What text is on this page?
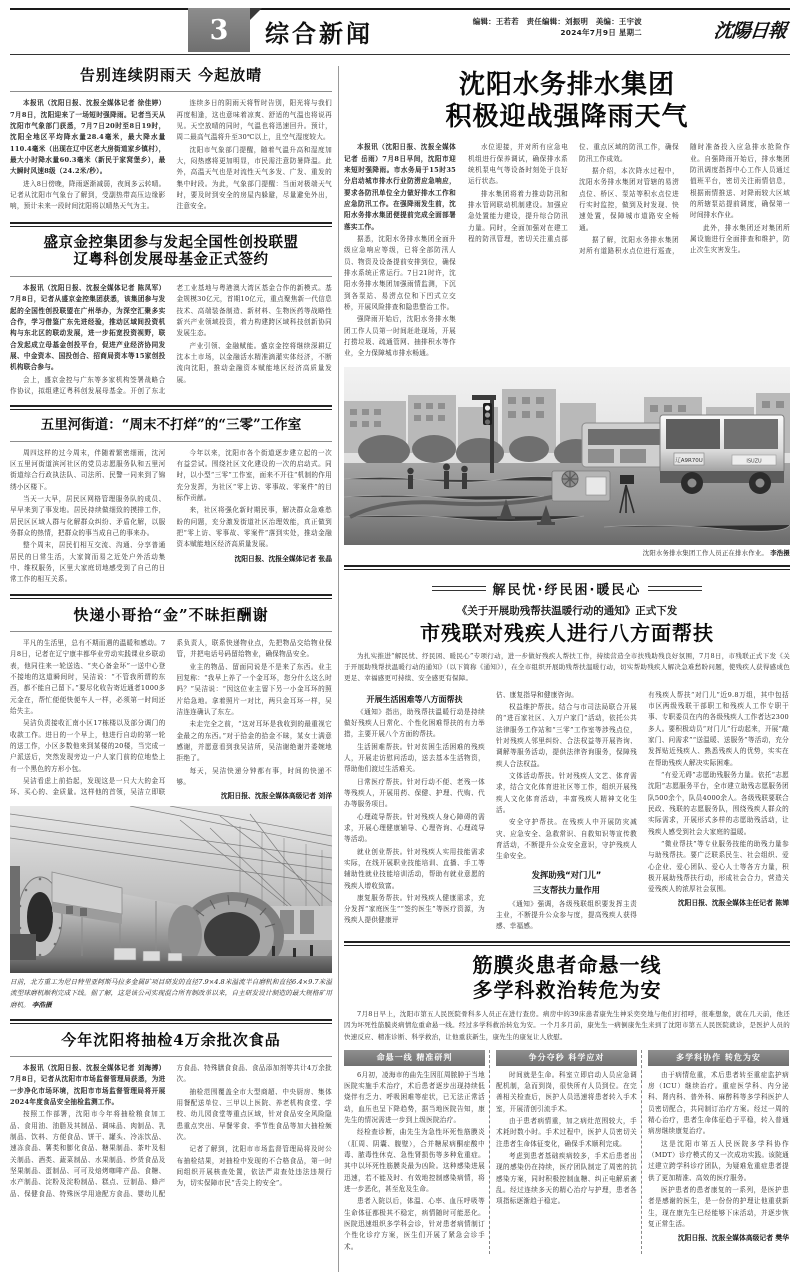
3 综合新闻	编辑：王若若　责任编辑：刘振明　美编：王宇波
2024年7月9日 星期二	沈陽日報
告别连续阴雨天 今起放晴

本报讯（沈阳日报、沈报全媒体记者 徐佳婷）7月8日，沈阳迎来了一场短时强降雨。记者当天从沈阳市气象部门获悉，7月7日20时至8日19时，沈阳全地区平均降水量28.4毫米，最大降水量110.4毫米（出现在辽中区老大房街道家乡镇村），最大小时降水量60.3毫米（新民于家窝堡乡），最大瞬时风速8级（24.2米/秒）。

进入8日傍晚，降雨逐渐减弱，夜间多云转晴。记者从沈阳市气象台了解到，受副热带高压边缘影响，预计未来一段时间沈阳将以晴热天气为主。

连续多日的阴雨天将暂时告别，阳光将与我们再度相逢，这也意味着凉爽、舒适的气温也将说再见。天空放晴的同时，气温也将迅速回升。预计，周二最高气温将升至30℃以上，且空气湿度较大。

沈阳市气象部门提醒，随着气温升高和湿度加大，闷热感将更加明显，市民需注意防暑降温。此外，高温天气也是对流性天气多发、广发、重发的集中时段。为此，气象部门提醒：当面对极端天气时，要及时到安全的房屋内躲避，尽量避免外出，注意安全。

盛京金控集团参与发起全国性创投联盟
辽粤科创发展母基金正式签约

本报讯（沈阳日报、沈报全媒体记者 陈凤军）7月8日，记者从盛京金控集团获悉，该集团参与发起的全国性创投联盟在广州举办，为深空汇聚多实合作，学习借鉴广东先进经验，推动区域间投资机构与东北区的联动发展，进一步拓宽投资视野，联合发起成立母基金创投平台，促进产业经济协同发展、中金资本、国投创合、招商局资本等15家创投机构联合参与。

会上，盛京金控与广东等多家机构签署战略合作协议，拟组建辽粤科创发展母基金。开创了东北老工业基地与粤港澳大湾区基金合作的新模式。基金规模30亿元，首期10亿元，重点聚焦新一代信息技术、高端装备制造、新材料、生物医药等战略性新兴产业领域投资，着力构建跨区域科技创新协同发展生态。

产业引领、金融赋能。盛京金控将继续深耕辽沈本土市场，以金融活水精准滴灌实体经济，不断流向沈阳，推动金融资本赋能地区经济高质量发展。

五里河街道：“周末不打烊”的“三零”工作室

周四这样的过今周末，伴随着繁密细雨，沈河区五里河街道滨河社区的党员志愿服务队和五里河街道综合行政执法队、司法所、民警一同来到了锦绣小区楼下。

当天一大早，居民区网格管理服务队的成员、早早来到了事发地。居民持续做细致的摸排工作，居民区区域人群与化解群众纠纷、矛盾化解，以服务群众的热情，把群众的事当成自己的事来办。

整个周末，居民们相互交流、沟通、分享普通居民的日常生活，大家简而易之近处户外活动集中、维权服务，区里大家庭切地感受到了自己的日常工作的相互关系。

今年以来，沈阳市各个街道逐步建立起的一次有益尝试。围绕社区文化建设的一次的启动式。同时，以小型“三零”工作室，面来不开往“机制的作用充分发挥，为社区“零上访、零事故、零案件”的目标作贡献。

来，社区将强化新时期民事，解决群众急难愁盼的问题，充分激发街道社区治理效能，真正做到把“零上访、零事故、零案件”落到实处，推动金融资本赋能地区经济高质量发展。

沈阳日报、沈报全媒体记者 张晶

快递小哥拾“金”不昧拒酬谢

平凡的生活里，总有不期而遇的温暖和感动。7月8日，记者在辽宁康丰都华业劳动实践课业乡联动表，他同往来一轮送选、“夹心备金环”一送中心登不接地的这道瞬间时，吴洁说：“不管我所谓的东西，都不能自己留下。”要尽化收告寄近通者1000多元金在，帮忙便便快便车人一样，必须第一时间还给失主。

吴洁负责接收汇南小区17栋楼以及部分调门的收款工作。进日的一个早上，他进行自动的第一轮的送工作，小区多数他来到某楼的20楼，当完成一户派送后，突然发现旁边一户人家门前的位地垫上有一个黑色的方形小包。

吴洁看虑上前拾起，发现这是一只大大的金耳环、买心的、金质量。这样他的首领，吴洁立即联系负责人，联系快递物业点，先把物品交给物业保管，并把电话号码留给物业，确保物品安全。

业主的物品、留面同说是不是来了东西。业主回复称：“我早上养了一个金耳环，您分什么这么时吗？”吴洁说：“因这位业主留下另一小金耳环的照片给急地。拿着照片一对比，两只金耳环一样，吴洁连连确认了东左。

未走完全之前，“这对耳环是我收到的最重视它金最之的东西。”对于拾金的拾金不昧，某女士满意感谢，并愿意看到我吴洁所，吴洁谢绝谢并委婉地拒绝了。

每天，吴洁快递分钟都有事，时间的快递不够。

沈阳日报、沈报全媒体高级记者 刘洋

日前，北方重工为尼日特里亚阿斯马拉多金属矿项目研发的直径7.9×4.8米溢流半自磨机和直径6.4×9.7米溢流型球磨机顺利完成下线。据了解，这是该公司实现混合所有制改革以来，自主研发设计制造的最大规格矿用磨机。 李浩摄
今年沈阳将抽检4万余批次食品

本报讯（沈阳日报、沈报全媒体记者 刘海搏）7月8日，记者从沈阳市市场监督管理局获悉，为进一步净化市场环境，沈阳市市场监督管理局将开展2024年度食品安全抽检监测工作。

按照工作部署，沈阳市今年将抽检粮食加工品、食用油、油脂及其制品、调味品、肉制品、乳制品、饮料、方便食品、饼干、罐头、冷冻饮品、速冻食品、薯类和膨化食品、糖果制品、茶叶及相关制品、酒类、蔬菜制品、水果制品、炒货食品及坚果制品、蛋制品、可可及焙烤咖啡产品、食糖、水产制品、淀粉及淀粉制品、糕点、豆制品、蜂产品、保健食品、特殊医学用途配方食品、婴幼儿配方食品、特殊膳食食品、食品添加剂等共计4万余批次。

抽检范围覆盖全市大型商超、中央厨房、集体用餐配送单位、三甲以上医院、养老机构食堂、学校、幼儿园食堂等重点区域，针对食品安全风险隐患重点突出、早餐零食、季节性食品等加大抽检频次。

记者了解到，沈阳市市场监督管理局将及时公布抽检结果，对抽检中发现的不合格食品，第一时间组织开展核查处置，依法严肃查处违法违规行为，切实保障市民“舌尖上的安全”。

沈阳水务排水集团
积极迎战强降雨天气

本报讯（沈阳日报、沈报全媒体记者 岳雨）7月8日早间，沈阳市迎来短时强降雨。市水务局于15时35分启动城市排水行业防涝应急响应，要求各防汛单位全力做好排水工作和应急防汛工作。在强降雨发生前，沈阳水务排水集团便提前完成全面部署落实工作。

据悉，沈阳水务排水集团全面升级应急响应等级，已将全部防汛人员、物资及设备提前安排到位，确保排水系统正常运行。7日21时许，沈阳水务排水集团加强雨情监测，下沉到各泵站、易涝点位和下凹式立交桥，开展风险排查和隐患整治工作。

强降雨开始后，沈阳水务排水集团工作人员第一时间赶赴现场，开展打捞垃圾、疏通管网、抽排积水等作业，全力保障城市排水畅通。

水位迎接，并对所有应急电机组进行保养调试，确保排水系统机泵电气等设备时刻处于良好运行状态。

排水集团将着力推动防汛和排水管网联动机制建设。加强应急处置能力建设，提升综合防汛力量。同时，全面加强对在建工程的防汛管理，密切关注重点部位、重点区域的防汛工作，确保防汛工作成效。

据介绍，本次降水过程中，沈阳水务排水集团对管辖的易涝点位、桥区、泵站等积水点位进行实时监控，做到及时发现、快速处置，保障城市道路安全畅通。

据了解，沈阳水务排水集团对所有道路积水点位进行巡查，随时准备投入应急排水抢险作业。自强降雨开始后，排水集团防汛调度指挥中心工作人员通过值班平台，密切关注雨情信息，根据雨情推送、对降雨较大区域的所辖泵站提前调度，确保第一时间排水作业。

此外，排水集团还对集团所属设施进行全面排查和维护，防止次生灾害发生。

辽A9R70U	ISUZU
沈阳水务排水集团工作人员正在排水作业。 李浩摄
解民忧·纾民困·暖民心
《关于开展助残帮扶温暖行动的通知》正式下发
市残联对残疾人进行八方面帮扶

为扎实推进“解民忧、纾民困、暖民心”专项行动，进一步做好残疾人帮扶工作，持续营造全市扶残助残良好氛围，7月8日，市残联正式下发《关于开展助残帮扶温暖行动的通知》（以下简称《通知》），在全市组织开展助残帮扶温暖行动，切实帮助残疾人解决急难愁盼问题，使残疾人获得感成色更足、幸福感更可持续、安全感更有保障。

开展生活困难等八方面帮扶

《通知》指出，助残帮扶温暖行动是持续做好残疾人日常化、个性化困难帮扶的有力举措，主要开展八个方面的帮扶。

生活困难帮扶。针对贫困生活困难的残疾人，开展走访慰问活动，送去基本生活物资，帮助他们渡过生活难关。

日常医疗帮扶。针对行动不便、老残一体等残疾人，开展用药、保健、护理、代购、代办等服务项目。

心理疏导帮扶。针对残疾人身心障碍的需求，开展心理健康辅导、心理咨询、心理疏导等活动。

就业创业帮扶。针对残疾人实用技能需求实际，在线开展职业技能培训、直播、手工等辅助性就业技能培训活动，帮助有就业意愿的残疾人增收致富。

康复服务帮扶。针对残疾人健康需求，充分发挥“家庭医生”“签约医生”等医疗资源，为残疾人提供健康评

估、康复指导和健康咨询。

权益维护帮扶。结合与市司法局联合开展的“进百家社区、入万户家门”活动，依托公共法律服务工作站和“三零”工作室等涉残点位，针对残疾人邻里纠纷、合法权益等开展咨询、调解等服务活动，提供法律咨询服务，保障残疾人合法权益。

文体活动帮扶。针对残疾人文艺、体育需求，结合文化体育进社区等工作，组织开展残疾人文化体育活动，丰富残疾人精神文化生活。

安全守护帮扶。在残疾人中开展防灾减灾、应急安全、急救常识、自救知识等宣传教育活动，不断提升公众安全意识，守护残疾人生命安全。

发挥助残“对门儿”
三支帮扶力量作用

《通知》强调，各级残联组织要发挥主责主业，不断提升公众参与度，提高残疾人获得感、幸福感。

有残疾人帮扶“对门儿”近9.8万组，其中包括市区两级残联干部职工和残疾人工作专职干事、专职委员在内的各级残疾人工作者达2300多人。要积极动员“对门儿”行动起来，开展“敲家门、问需求”“送温暖、送服务”等活动，充分发挥贴近残疾人、熟悉残疾人的优势，实实在在帮助残疾人解决实际困难。

“有爱无碍”志愿助残服务力量。依托“志愿沈阳”志愿服务平台，全市建立助残志愿服务团队500余个，队员4000余人。各级残联要联合民政、残联的志愿服务队，围绕残疾人群众的实际需求，开展形式多样的志愿助残活动，让残疾人感受到社会大家庭的温暖。

“微业帮扶”等专业服务技能的助残力量参与助残帮扶。要广泛联系民生、社会组织、爱心企业、爱心团队、爱心人士等各方力量，积极开展助残帮扶行动，形成社会合力，营造关爱残疾人的浓厚社会氛围。

沈阳日报、沈报全媒体主任记者 陈婵

筋膜炎患者命悬一线
多学科救治转危为安

7月8日早上，沈阳市第五人民医院骨科多人员正在进行查房。病房中的39床患者康先生神采奕奕地与他们打招呼，很难想象，就在几天前，他还因为坏死性筋膜炎病情危重命悬一线。经过多学科救治转危为安。一个月多月前，康先生一病倒康先生来到了沈阳市第五人民医院就诊，是医护人员的快速反应、精准诊断、科学救治，让他重获新生，康先生的康复让人欣慰。

命悬一线 精准研判

6月初，凌海市的曲先生因肛周脓肿于当地医院实施手术治疗，术后患者逐步出现持续低烧伴有乏力、呼吸困难等症状，已无法正常活动，血压也呈下降趋势，据当地医院告知，康先生的情况需进一步到上级医院治疗。

经检查诊断，曲先生为急性坏死性筋膜炎（肛周、阴囊、腹壁），合并糖尿病酮症酸中毒、脓毒性休克、急性肾损伤等多种危重症。其中以坏死性筋膜炎最为凶险。这种感染进展迅速，若不能及时、有效地控制感染病情，将进一步恶化，甚至危及生命。

患者入院以后，体温、心率、血压呼吸等生命体征都极其不稳定，病情随时可能恶化。医院迅速组织多学科会诊，针对患者病情制订个性化诊疗方案，医生们开展了紧急会诊手术。

争分夺秒 科学应对

时间就是生命。科室立即启动人员应急调配机制，急而到岗，很快所有人员到位。在完善相关检查后，医护人员迅速将患者转入手术室，开展清创引流手术。

由于患者病情重，加之病灶范围较大，手术耗时数小时。手术过程中，医护人员密切关注患者生命体征变化，确保手术顺利完成。

考虑到患者基础疾病较多，手术后患者出现的感染仍在持续，医疗团队制定了周密的抗感染方案，同时积极控制血糖、纠正电解质紊乱。经过连续多天的精心治疗与护理，患者各项指标逐渐趋于稳定。

多学科协作 转危为安

由于病情危重，术后患者转至重症监护病房（ICU）继续治疗。重症医学科、内分泌科、肾内科、普外科、麻醉科等多学科医护人员密切配合，共同制订治疗方案。经过一周的精心治疗，患者生命体征趋于平稳，转入普通病房继续康复治疗。

这是沈阳市第五人民医院多学科协作（MDT）诊疗模式的又一次成功实践。该院通过建立跨学科诊疗团队，为疑难危重症患者提供了更加精准、高效的医疗服务。

医护患者的患者康复的一系列，是医护患者是感谢的医生，是一份份的护理让他重获新生，现在康先生已经能够下床活动，并逐步恢复正常生活。

沈阳日报、沈报全媒体高级记者 樊华
